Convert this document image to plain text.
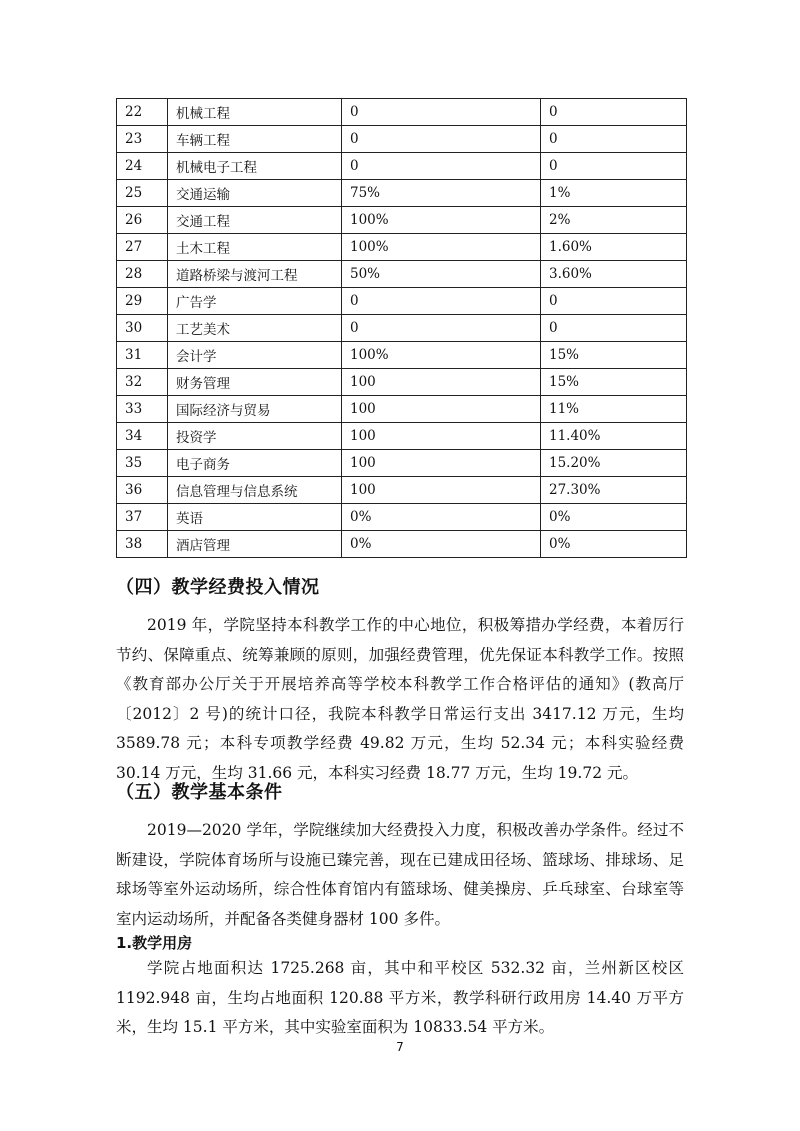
22	机械工程	0	0
23	车辆工程	0	0
24	机械电子工程	0	0
25	交通运输	75%	1%
26	交通工程	100%	2%
27	土木工程	100%	1.60%
28	道路桥梁与渡河工程	50%	3.60%
29	广告学	0	0
30	工艺美术	0	0
31	会计学	100%	15%
32	财务管理	100	15%
33	国际经济与贸易	100	11%
34	投资学	100	11.40%
35	电子商务	100	15.20%
36	信息管理与信息系统	100	27.30%
37	英语	0%	0%
38	酒店管理	0%	0%
（四）教学经费投入情况

2019 年，学院坚持本科教学工作的中心地位，积极筹措办学经费，本着厉行节约、保障重点、统筹兼顾的原则，加强经费管理，优先保证本科教学工作。按照《教育部办公厅关于开展培养高等学校本科教学工作合格评估的通知》(教高厅〔2012〕2 号)的统计口径，我院本科教学日常运行支出 3417.12 万元，生均 3589.78 元；本科专项教学经费 49.82 万元，生均 52.34 元；本科实验经费 30.14 万元，生均 31.66 元，本科实习经费 18.77 万元，生均 19.72 元。

（五）教学基本条件

2019—2020 学年，学院继续加大经费投入力度，积极改善办学条件。经过不断建设，学院体育场所与设施已臻完善，现在已建成田径场、篮球场、排球场、足球场等室外运动场所，综合性体育馆内有篮球场、健美操房、乒乓球室、台球室等室内运动场所，并配备各类健身器材 100 多件。

1.教学用房

学院占地面积达 1725.268 亩，其中和平校区 532.32 亩，兰州新区校区 1192.948 亩，生均占地面积 120.88 平方米，教学科研行政用房 14.40 万平方米，生均 15.1 平方米，其中实验室面积为 10833.54 平方米。

7
